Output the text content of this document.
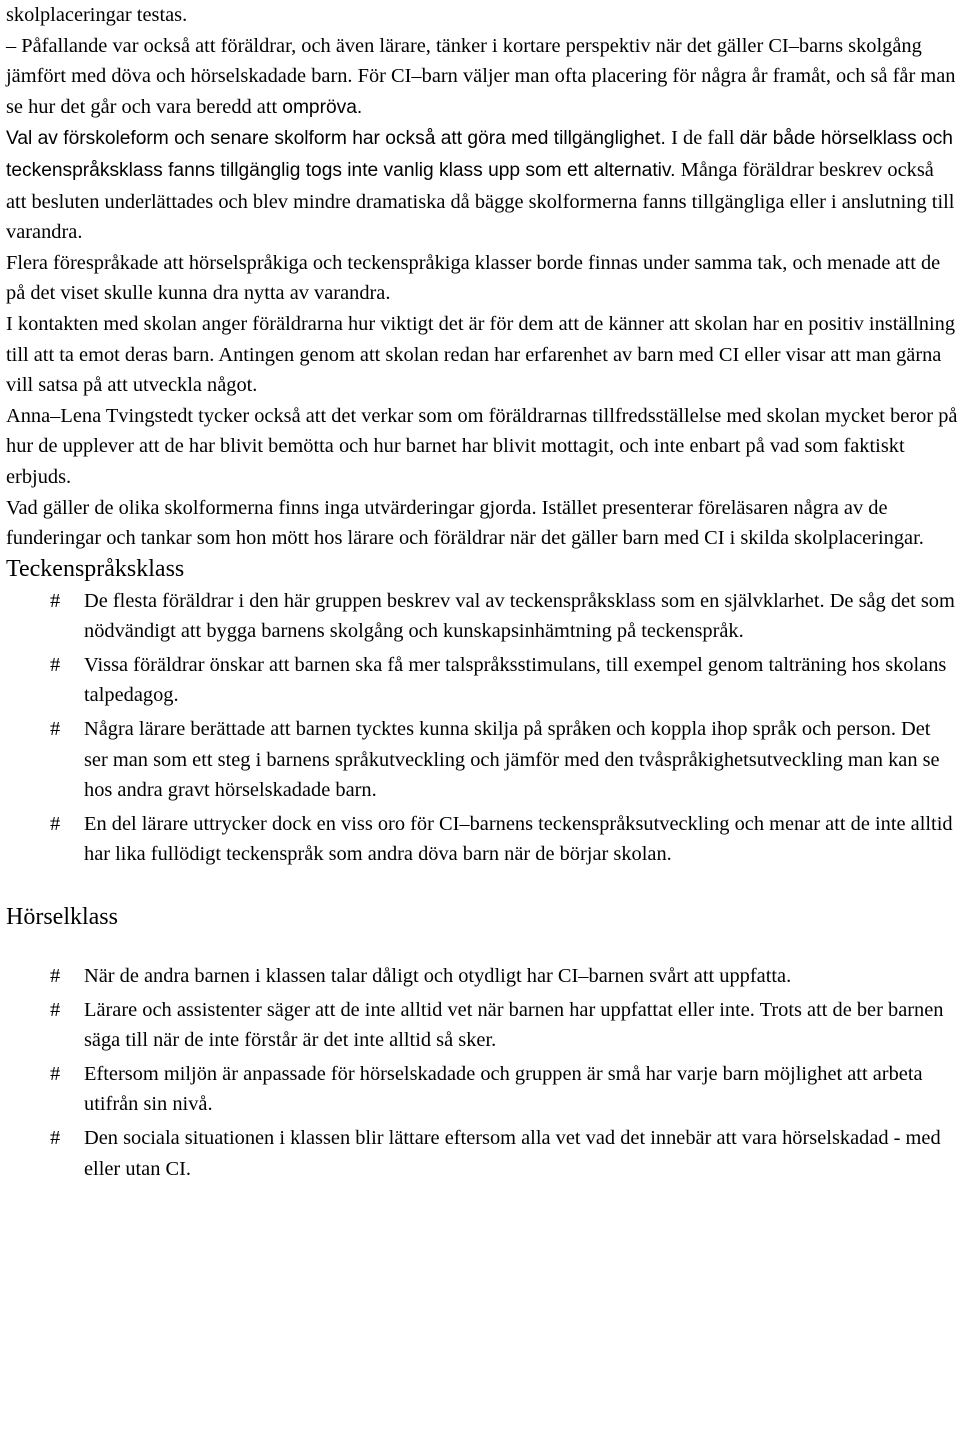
skolplaceringar testas.

– Påfallande var också att föräldrar, och även lärare, tänker i kortare perspektiv när det gäller CI–barns skolgång jämfört med döva och hörselskadade barn. För CI–barn väljer man ofta placering för några år framåt, och så får man se hur det går och vara beredd att ompröva.

Val av förskoleform och senare skolform har också att göra med tillgänglighet. I de fall där både hörselklass och teckenspråksklass fanns tillgänglig togs inte vanlig klass upp som ett alternativ. Många föräldrar beskrev också att besluten underlättades och blev mindre dramatiska då bägge skolformerna fanns tillgängliga eller i anslutning till varandra.

Flera förespråkade att hörselspråkiga och teckenspråkiga klasser borde finnas under samma tak, och menade att de på det viset skulle kunna dra nytta av varandra.

I kontakten med skolan anger föräldrarna hur viktigt det är för dem att de känner att skolan har en positiv inställning till att ta emot deras barn. Antingen genom att skolan redan har erfarenhet av barn med CI eller visar att man gärna vill satsa på att utveckla något.

Anna–Lena Tvingstedt tycker också att det verkar som om föräldrarnas tillfredsställelse med skolan mycket beror på hur de upplever att de har blivit bemötta och hur barnet har blivit mottagit, och inte enbart på vad som faktiskt erbjuds.

Vad gäller de olika skolformerna finns inga utvärderingar gjorda. Istället presenterar föreläsaren några av de funderingar och tankar som hon mött hos lärare och föräldrar när det gäller barn med CI i skilda skolplaceringar.

Teckenspråksklass
# De flesta föräldrar i den här gruppen beskrev val av teckenspråksklass som en självklarhet. De såg det som nödvändigt att bygga barnens skolgång och kunskapsinhämtning på teckenspråk.
# Vissa föräldrar önskar att barnen ska få mer talspråksstimulans, till exempel genom talträning hos skolans talpedagog.
# Några lärare berättade att barnen tycktes kunna skilja på språken och koppla ihop språk och person. Det ser man som ett steg i barnens språkutveckling och jämför med den tvåspråkighetsutveckling man kan se hos andra gravt hörselskadade barn.
# En del lärare uttrycker dock en viss oro för CI–barnens teckenspråksutveckling och menar att de inte alltid har lika fullödigt teckenspråk som andra döva barn när de börjar skolan.
Hörselklass
# När de andra barnen i klassen talar dåligt och otydligt har CI–barnen svårt att uppfatta.
# Lärare och assistenter säger att de inte alltid vet när barnen har uppfattat eller inte. Trots att de ber barnen säga till när de inte förstår är det inte alltid så sker.
# Eftersom miljön är anpassade för hörselskadade och gruppen är små har varje barn möjlighet att arbeta utifrån sin nivå.
# Den sociala situationen i klassen blir lättare eftersom alla vet vad det innebär att vara hörselskadad - med eller utan CI.
